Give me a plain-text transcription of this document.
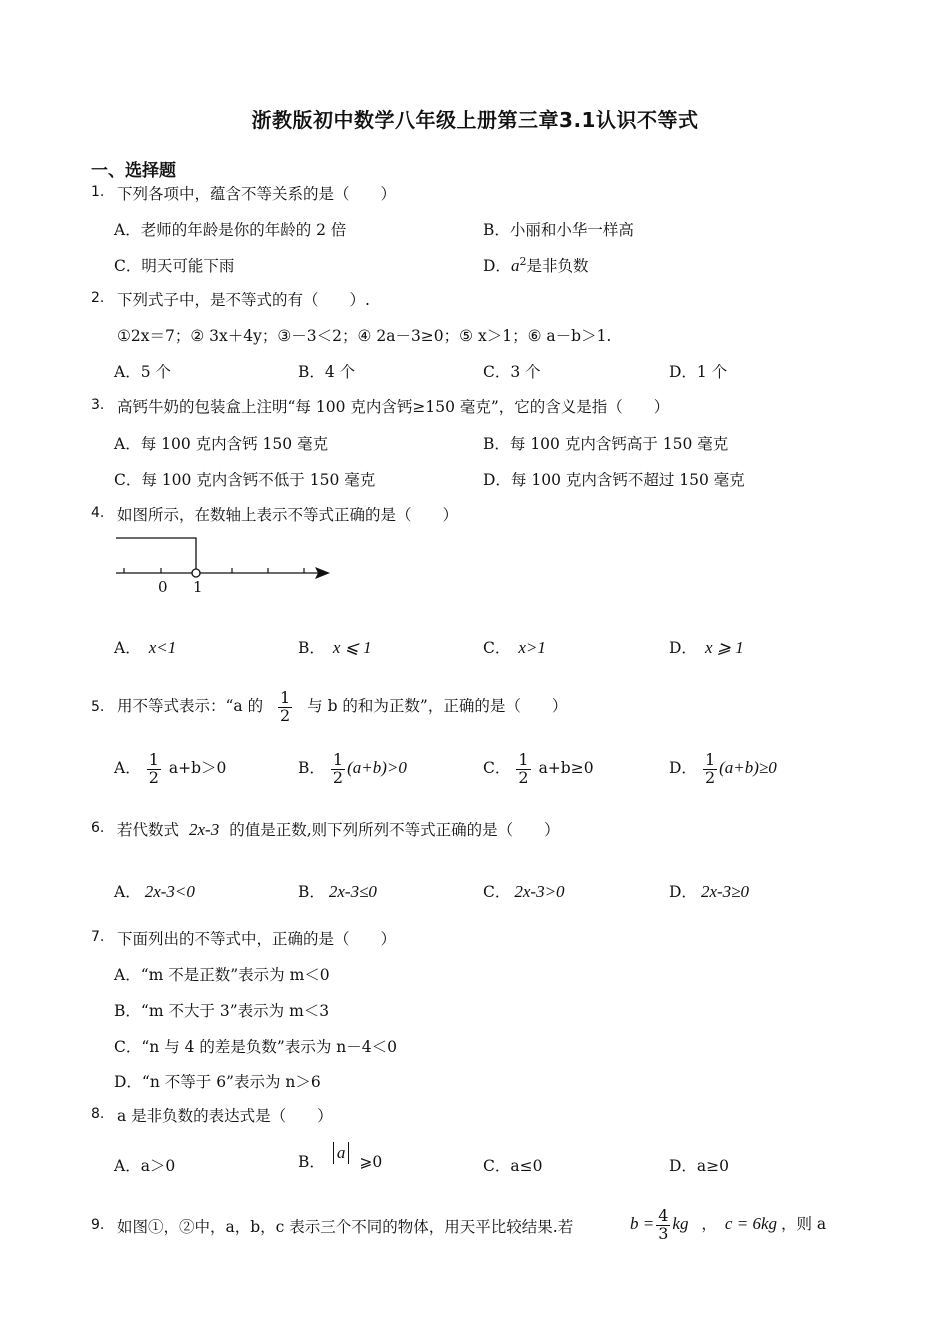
浙教版初中数学八年级上册第三章3.1认识不等式
一、选择题
1. 下列各项中，蕴含不等关系的是（　　）
A．老师的年龄是你的年龄的 2 倍	B．小丽和小华一样高
C．明天可能下雨	D．$a^2$是非负数
2. 下列式子中，是不等式的有（　　）.
①2x＝7；② 3x＋4y；③－3＜2；④ 2a－3≥0；⑤ x＞1；⑥ a－b＞1.
A．5 个	B．4 个	C．3 个	D．1 个
3. 高钙牛奶的包装盒上注明“每 100 克内含钙≥150 毫克”，它的含义是指（　　）
A．每 100 克内含钙 150 毫克	B．每 100 克内含钙高于 150 毫克
C．每 100 克内含钙不低于 150 毫克	D．每 100 克内含钙不超过 150 毫克
4. 如图所示，在数轴上表示不等式正确的是（　　）
0 1
A． x<1	B． x ⩽ 1	C． x>1	D． x ⩾ 1
5. 用不等式表示：“a 的 $\frac{1}{2}$ 与 b 的和为正数”，正确的是（　　）
A． $\frac{1}{2} a+b>0$	B． $\frac{1}{2} (a+b)>0$	C． $\frac{1}{2} a+b\ge 0$	D． $\frac{1}{2} (a+b)\ge 0$
6. 若代数式 2x-3 的值是正数,则下列所列不等式正确的是（　　）
A． 2x-3<0	B． 2x-3≤0	C． 2x-3>0	D． 2x-3≥0
7. 下面列出的不等式中，正确的是（　　）
A．“m 不是正数”表示为 m＜0
B．“m 不大于 3”表示为 m＜3
C．“n 与 4 的差是负数”表示为 n－4＜0
D．“n 不等于 6”表示为 n＞6
8. a 是非负数的表达式是（　　）
A．a＞0	B． a ⩾0	C．a≤0	D．a≥0
9. 如图①，②中，a，b，c 表示三个不同的物体，用天平比较结果.若	$b = \frac{4}{3}$ kg ， c = 6kg ，则 a
